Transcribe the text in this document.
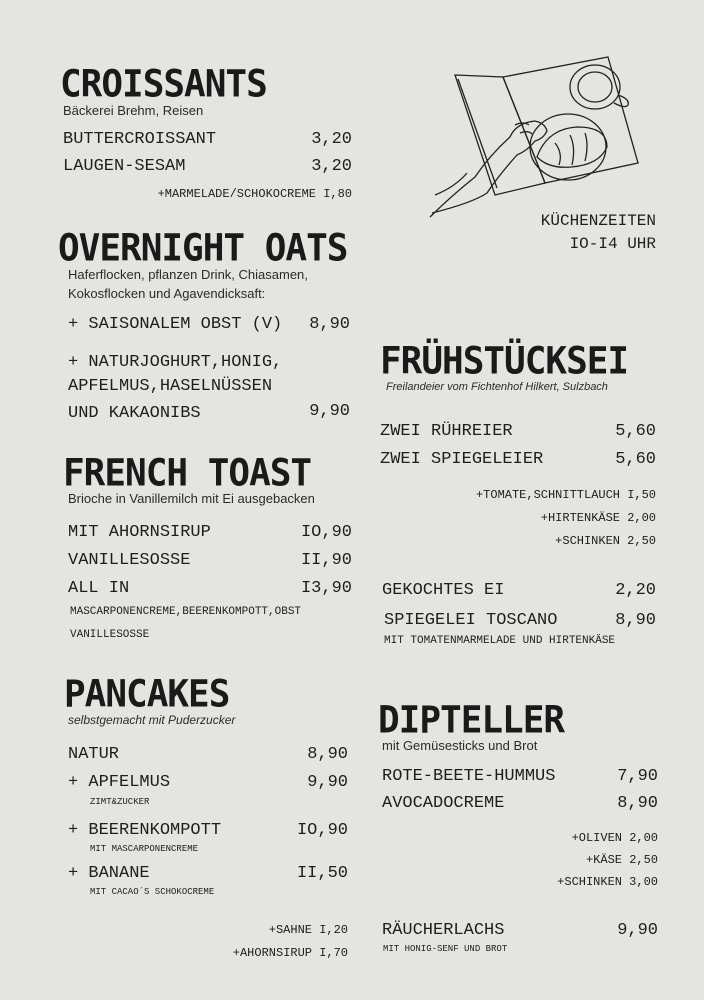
CROISSANTS
Bäckerei Brehm, Reisen
BUTTERCROISSANT	3,20
LAUGEN-SESAM	3,20
+MARMELADE/SCHOKOCREME I,80
KÜCHENZEITEN
IO-I4 UHR
OVERNIGHT OATS
Haferflocken, pflanzen Drink, Chiasamen,
Kokosflocken und Agavendicksaft:
+ SAISONALEM OBST (V)	8,90
+ NATURJOGHURT,HONIG,
APFELMUS,HASELNÜSSEN
UND KAKAONIBS	9,90
FRENCH TOAST
Brioche in Vanillemilch mit Ei ausgebacken
MIT AHORNSIRUP	IO,90
VANILLESOSSE	II,90
ALL IN	I3,90
MASCARPONENCREME,BEERENKOMPOTT,OBST
VANILLESOSSE
PANCAKES
selbstgemacht mit Puderzucker
NATUR	8,90
+ APFELMUS	9,90
ZIMT&ZUCKER
+ BEERENKOMPOTT	IO,90
MIT MASCARPONENCREME
+ BANANE	II,50
MIT CACAO´S SCHOKOCREME
+SAHNE I,20
+AHORNSIRUP I,70
FRÜHSTÜCKSEI
Freilandeier vom Fichtenhof Hilkert, Sulzbach
ZWEI RÜHREIER	5,60
ZWEI SPIEGELEIER	5,60
+TOMATE,SCHNITTLAUCH I,50
+HIRTENKÄSE 2,00
+SCHINKEN 2,50
GEKOCHTES EI	2,20
SPIEGELEI TOSCANO	8,90
MIT TOMATENMARMELADE UND HIRTENKÄSE
DIPTELLER
mit Gemüsesticks und Brot
ROTE-BEETE-HUMMUS	7,90
AVOCADOCREME	8,90
+OLIVEN 2,00
+KÄSE 2,50
+SCHINKEN 3,00
RÄUCHERLACHS	9,90
MIT HONIG-SENF UND BROT
